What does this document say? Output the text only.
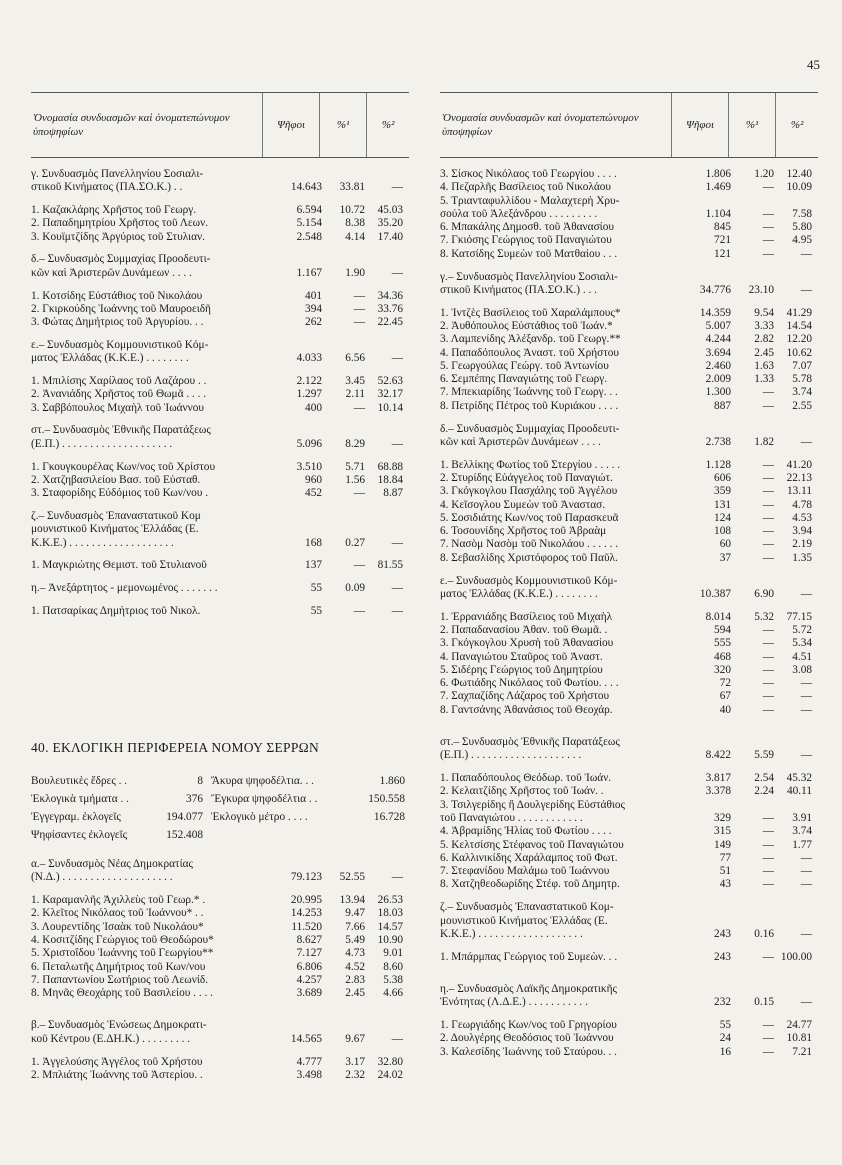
45
Ὀνομασία συνδυασμῶν καὶ ὀνοματεπώνυμον ὑποψηφίων
Ψῆφοι	%¹	%²
γ. Συνδυασμὸς Πανελληνίου Σοσιαλι-
στικοῦ Κινήματος (ΠΑ.ΣΟ.Κ.) . .	14.643	33.81	—
1. Καζακλάρης Χρῆστος τοῦ Γεωργ.	6.594	10.72	45.03
2. Παπαδημητρίου Χρῆστος τοῦ Λεων.	5.154	8.38	35.20
3. Κουϊμτζίδης Ἀργύριος τοῦ Στυλιαν.	2.548	4.14	17.40
δ.– Συνδυασμὸς Συμμαχίας Προοδευτι-
κῶν καὶ Ἀριστερῶν Δυνάμεων . . . .	1.167	1.90	—
1. Κοτσίδης Εὐστάθιος τοῦ Νικολάου	401	—	34.36
2. Γκιρκούδης Ἰωάννης τοῦ Μαυροειδῆ	394	—	33.76
3. Φώτας Δημήτριος τοῦ Ἀργυρίου. . .	262	—	22.45
ε.– Συνδυασμὸς Κομμουνιστικοῦ Κόμ-
ματος Ἑλλάδας (Κ.Κ.Ε.) . . . . . . . .	4.033	6.56	—
1. Μπιλίσης Χαρίλαος τοῦ Λαζάρου . .	2.122	3.45	52.63
2. Ἀνανιάδης Χρῆστος τοῦ Θωμᾶ . . . .	1.297	2.11	32.17
3. Σαββόπουλος Μιχαὴλ τοῦ Ἰωάννου	400	—	10.14
στ.– Συνδυασμὸς Ἐθνικῆς Παρατάξεως
(Ε.Π.) . . . . . . . . . . . . . . . . . . . .	5.096	8.29	—
1. Γκουγκουρέλας Κων/νος τοῦ Χρίστου	3.510	5.71	68.88
2. Χατζηβασιλείου Βασ. τοῦ Εὐσταθ.	960	1.56	18.84
3. Σταφορίδης Εὐδόμιος τοῦ Κων/νου .	452	—	8.87
ζ.– Συνδυασμὸς Ἐπαναστατικοῦ Κομ
μουνιστικοῦ Κινήματος Ἑλλάδας (Ε.
Κ.Κ.Ε.) . . . . . . . . . . . . . . . . . . .	168	0.27	—
1. Μαγκριώτης Θεμιστ. τοῦ Στυλιανοῦ	137	—	81.55
η.– Ἀνεξάρτητος - μεμονωμένος . . . . . . .	55	0.09	—
1. Πατσαρίκας Δημήτριος τοῦ Νικολ.	55	—	—
40. ΕΚΛΟΓΙΚΗ ΠΕΡΙΦΕΡΕΙΑ ΝΟΜΟΥ ΣΕΡΡΩΝ
Βουλευτικὲς ἕδρες . .	8 Ἄκυρα ψηφοδέλτια. . .	1.860
Ἐκλογικὰ τμήματα . .	376 Ἔγκυρα ψηφοδέλτια . .	150.558
Ἐγγεγραμ. ἐκλογεῖς	194.077 Ἐκλογικὸ μέτρο . . . .	16.728
Ψηφίσαντες ἐκλογεῖς	152.408
α.– Συνδυασμὸς Νέας Δημοκρατίας
(Ν.Δ.) . . . . . . . . . . . . . . . . . . . .	79.123	52.55	—
1. Καραμανλῆς Ἀχιλλεὺς τοῦ Γεωρ.* .	20.995	13.94	26.53
2. Κλεῖτος Νικόλαος τοῦ Ἰωάννου* . .	14.253	9.47	18.03
3. Λουρεντίδης Ἰσαὰκ τοῦ Νικολάου*	11.520	7.66	14.57
4. Κοσιτζίδης Γεώργιος τοῦ Θεοδώρου*	8.627	5.49	10.90
5. Χριστοΐδου Ἰωάννης τοῦ Γεωργίου**	7.127	4.73	9.01
6. Πεταλωτῆς Δημήτριος τοῦ Κων/νου	6.806	4.52	8.60
7. Παπαντωνίου Σωτήριος τοῦ Λεωνίδ.	4.257	2.83	5.38
8. Μηνᾶς Θεοχάρης τοῦ Βασιλείου . . . .	3.689	2.45	4.66
β.– Συνδυασμὸς Ἑνώσεως Δημοκρατι-
κοῦ Κέντρου (Ε.ΔΗ.Κ.) . . . . . . . . .	14.565	9.67	—
1. Ἀγγελούσης Ἀγγέλος τοῦ Χρήστου	4.777	3.17	32.80
2. Μπλιάτης Ἰωάννης τοῦ Ἀστερίου. .	3.498	2.32	24.02
Ὀνομασία συνδυασμῶν καὶ ὀνοματεπώνυμον ὑποψηφίων
Ψῆφοι	%¹	%²
3. Σίσκος Νικόλαος τοῦ Γεωργίου . . . .	1.806	1.20	12.40
4. Πεζαρλῆς Βασίλειος τοῦ Νικολάου	1.469	—	10.09
5. Τριανταφυλλίδου - Μαλαχτερὴ Χρυ-
σούλα τοῦ Ἀλεξάνδρου . . . . . . . . .	1.104	—	7.58
6. Μπακάλης Δημοσθ. τοῦ Ἀθανασίου	845	—	5.80
7. Γκιόσης Γεώργιος τοῦ Παναγιώτου	721	—	4.95
8. Κατσίδης Συμεὼν τοῦ Ματθαίου . . .	121	—	—
γ.– Συνδυασμὸς Πανελληνίου Σοσιαλι-
στικοῦ Κινήματος (ΠΑ.ΣΟ.Κ.) . . .	34.776	23.10	—
1. Ἰντζὲς Βασίλειος τοῦ Χαραλάμπους*	14.359	9.54	41.29
2. Ἀυθόπουλος Εὐστάθιος τοῦ Ἰωάν.*	5.007	3.33	14.54
3. Λαμπενίδης Ἀλέξανδρ. τοῦ Γεωργ.**	4.244	2.82	12.20
4. Παπαδόπουλος Ἀναστ. τοῦ Χρήστου	3.694	2.45	10.62
5. Γεωργούλας Γεώργ. τοῦ Ἀντωνίου	2.460	1.63	7.07
6. Σεμπέπης Παναγιώτης τοῦ Γεωργ.	2.009	1.33	5.78
7. Μπεκιαρίδης Ἰωάννης τοῦ Γεωργ. . .	1.300	—	3.74
8. Πετρίδης Πέτρος τοῦ Κυριάκου . . . .	887	—	2.55
δ.– Συνδυασμὸς Συμμαχίας Προοδευτι-
κῶν καὶ Ἀριστερῶν Δυνάμεων . . . .	2.738	1.82	—
1. Βελλίκης Φωτίος τοῦ Στεργίου . . . . .	1.128	—	41.20
2. Στυρίδης Εὐάγγελος τοῦ Παναγιώτ.	606	—	22.13
3. Γκόγκογλου Πασχάλης τοῦ Ἀγγέλου	359	—	13.11
4. Κεῖσογλου Συμεὼν τοῦ Ἀναστασ.	131	—	4.78
5. Σοσιδιάτης Κων/νος τοῦ Παρασκευᾶ	124	—	4.53
6. Τοσουνίδης Χρῆστος τοῦ Ἀβραὰμ	108	—	3.94
7. Νασὸμ Νασὸμ τοῦ Νικολάου . . . . . .	60	—	2.19
8. Σεβασλίδης Χριστόφορος τοῦ Παῦλ.	37	—	1.35
ε.– Συνδυασμὸς Κομμουνιστικοῦ Κόμ-
ματος Ἑλλάδας (Κ.Κ.Ε.) . . . . . . . .	10.387	6.90	—
1. Ἐρρανιάδης Βασίλειος τοῦ Μιχαὴλ	8.014	5.32	77.15
2. Παπαδανασίου Ἀθαν. τοῦ Θωμᾶ. .	594	—	5.72
3. Γκόγκογλου Χρυσὴ τοῦ Ἀθανασίου	555	—	5.34
4. Παναγιώτου Σταῦρος τοῦ Ἀναστ.	468	—	4.51
5. Σιδέρης Γεώργιος τοῦ Δημητρίου	320	—	3.08
6. Φωτιάδης Νικόλαος τοῦ Φωτίου. . . .	72	—	—
7. Σαχπαζίδης Λάζαρος τοῦ Χρήστου	67	—	—
8. Γαντσάνης Ἀθανάσιος τοῦ Θεοχάρ.	40	—	—
στ.– Συνδυασμὸς Ἐθνικῆς Παρατάξεως
(Ε.Π.) . . . . . . . . . . . . . . . . . . . .	8.422	5.59	—
1. Παπαδόπουλος Θεόδωρ. τοῦ Ἰωάν.	3.817	2.54	45.32
2. Κελαιτζίδης Χρῆστος τοῦ Ἰωάν. .	3.378	2.24	40.11
3. Τσιλγερίδης ἢ Δουλγερίδης Εὐστάθιος
τοῦ Παναγιώτου . . . . . . . . . . . .	329	—	3.91
4. Ἀβραμίδης Ἠλίας τοῦ Φωτίου . . . .	315	—	3.74
5. Κελτσίσης Στέφανος τοῦ Παναγιώτου	149	—	1.77
6. Καλλινικίδης Χαράλαμπος τοῦ Φωτ.	77	—	—
7. Στεφανίδου Μαλάμω τοῦ Ἰωάννου	51	—	—
8. Χατζηθεοδωρίδης Στέφ. τοῦ Δημητρ.	43	—	—
ζ.– Συνδυασμὸς Ἐπαναστατικοῦ Κομ-
μουνιστικοῦ Κινήματος Ἑλλάδας (Ε.
Κ.Κ.Ε.) . . . . . . . . . . . . . . . . . . .	243	0.16	—
1. Μπάρμπας Γεώργιος τοῦ Συμεὼν. . .	243	— 100.00
η.– Συνδυασμὸς Λαϊκῆς Δημοκρατικῆς
Ἑνότητας (Λ.Δ.Ε.) . . . . . . . . . . .	232	0.15	—
1. Γεωργιάδης Κων/νος τοῦ Γρηγορίου	55	—	24.77
2. Δουλγέρης Θεοδόσιος τοῦ Ἰωάννου	24	—	10.81
3. Καλεσίδης Ἰωάννης τοῦ Σταύρου. . .	16	—	7.21
